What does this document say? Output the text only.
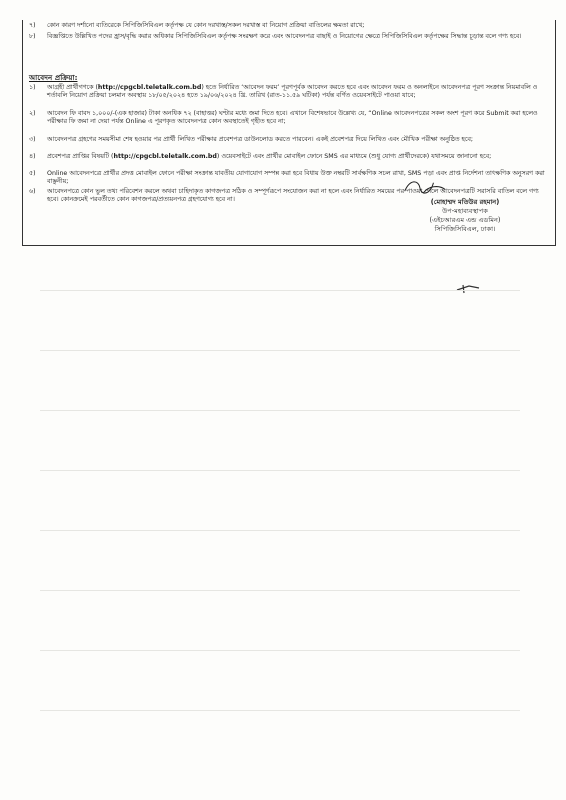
৭)	কোন কারণ দর্শানো ব্যতিরেকে সিপিজিসিবিএল কর্তৃপক্ষ যে কোন দরখাস্ত/সকল দরখাস্ত বা নিয়োগ প্রক্রিয়া বাতিলের ক্ষমতা রাখে;
৮)	বিজ্ঞপ্তিতে উল্লিখিত পদের হ্রাস/বৃদ্ধি করার অধিকার সিপিজিসিবিএল কর্তৃপক্ষ সংরক্ষণ করে এবং আবেদনপত্র বাছাই ও নিয়োগের ক্ষেত্রে সিপিজিসিবিএল কর্তৃপক্ষের সিদ্ধান্ত চূড়ান্ত বলে গণ্য হবে।
আবেদন প্রক্রিয়া:
১)	আগ্রহী প্রার্থীগণকে (http://cpgcbl.teletalk.com.bd) হতে নির্ধারিত ‘আবেদন ফরম’ পূরণপূর্বক আবেদন করতে হবে এবং আবেদন ফরম ও অনলাইনে আবেদনপত্র পূরণ সংক্রান্ত নিয়মাবলি ও শর্তাবলি নিয়োগ প্রক্রিয়া চলমান অবস্থায় ১৮/০৫/২০২৪ হতে ১৯/০৬/২০২৪ খ্রি. তারিখ (রাত-১১.৫৯ ঘটিকা) পর্যন্ত বর্ণিত ওয়েবসাইটে পাওয়া যাবে;
২)	আবেদন ফি বাবদ ১,০০০/-(এক হাজার) টাকা অনধিক ৭২ (বাহাত্তর) ঘণ্টার মধ্যে জমা দিতে হবে। এখানে বিশেষভাবে উল্লেখ্য যে, “Online আবেদনপত্রের সকল অংশ পূরণ করে Submit করা হলেও পরীক্ষার ফি জমা না দেয়া পর্যন্ত Online এ পূরণকৃত আবেদনপত্র কোন অবস্থাতেই গৃহীত হবে না;
৩)	আবেদনপত্র গ্রহণের সময়সীমা শেষ হওয়ার পর প্রার্থী লিখিত পরীক্ষার প্রবেশপত্র ডাউনলোড করতে পারবেন। একই প্রবেশপত্র দিয়ে লিখিত এবং মৌখিক পরীক্ষা অনুষ্ঠিত হবে;
৪)	প্রবেশপত্র প্রাপ্তির বিষয়টি (http://cpgcbl.teletalk.com.bd) ওয়েবসাইটে এবং প্রার্থীর মোবাইল ফোনে SMS এর মাধ্যমে (শুধু যোগ্য প্রার্থীদেরকে) যথাসময়ে জানানো হবে;
৫)	Online আবেদনপত্রে প্রার্থীর প্রদত্ত মোবাইল ফোনে পরীক্ষা সংক্রান্ত যাবতীয় যোগাযোগ সম্পন্ন করা হবে বিধায় উক্ত নম্বরটি সার্বক্ষণিক সচল রাখা, SMS পড়া এবং প্রাপ্ত নির্দেশনা তাৎক্ষণিক অনুসরণ করা বাঞ্ছনীয়;
৬)	আবেদনপত্রে কোন ভুল তথ্য পরিবেশন করলে অথবা চাহিদাকৃত কাগজপত্র সঠিক ও সম্পূর্ণরূপে সংযোজন করা না হলে এবং নির্ধারিত সময়ের পর পাওয়া গেলে আবেদনপত্রটি সরাসরি বাতিল বলে গণ্য হবে। কোনক্রমেই পরবর্তীতে কোন কাগজপত্র/প্রত্যয়নপত্র গ্রহণযোগ্য হবে না।	(মোহাম্মদ মতিউর রহমান)
উপ-মহাব্যবস্থাপক
(এইচআরএম এন্ড এডমিন)
সিপিজিসিবিএল, ঢাকা।
